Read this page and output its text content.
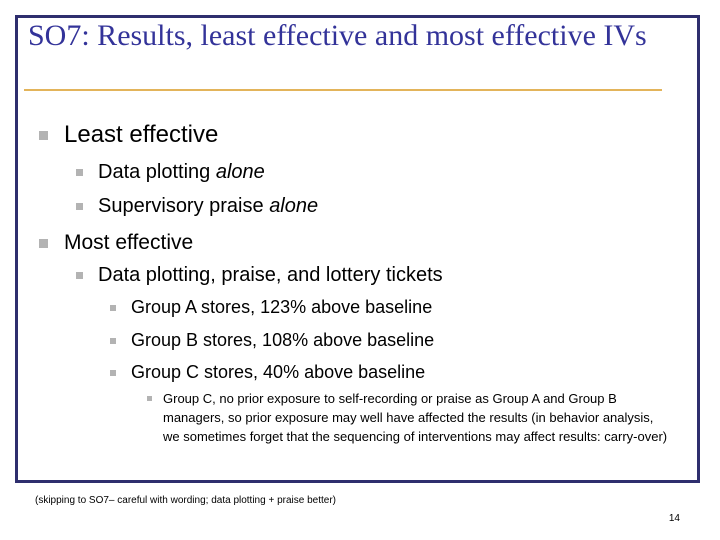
SO7: Results, least effective and most effective IVs
Least effective
Data plotting alone
Supervisory praise alone
Most effective
Data plotting, praise, and lottery tickets
Group A stores, 123% above baseline
Group B stores, 108% above baseline
Group C stores, 40% above baseline
Group C, no prior exposure to self-recording or praise as Group A and Group B managers, so prior exposure may well have affected the results (in behavior analysis, we sometimes forget that the sequencing of interventions may affect results: carry-over)
(skipping to SO7– careful with wording; data plotting + praise better)
14
